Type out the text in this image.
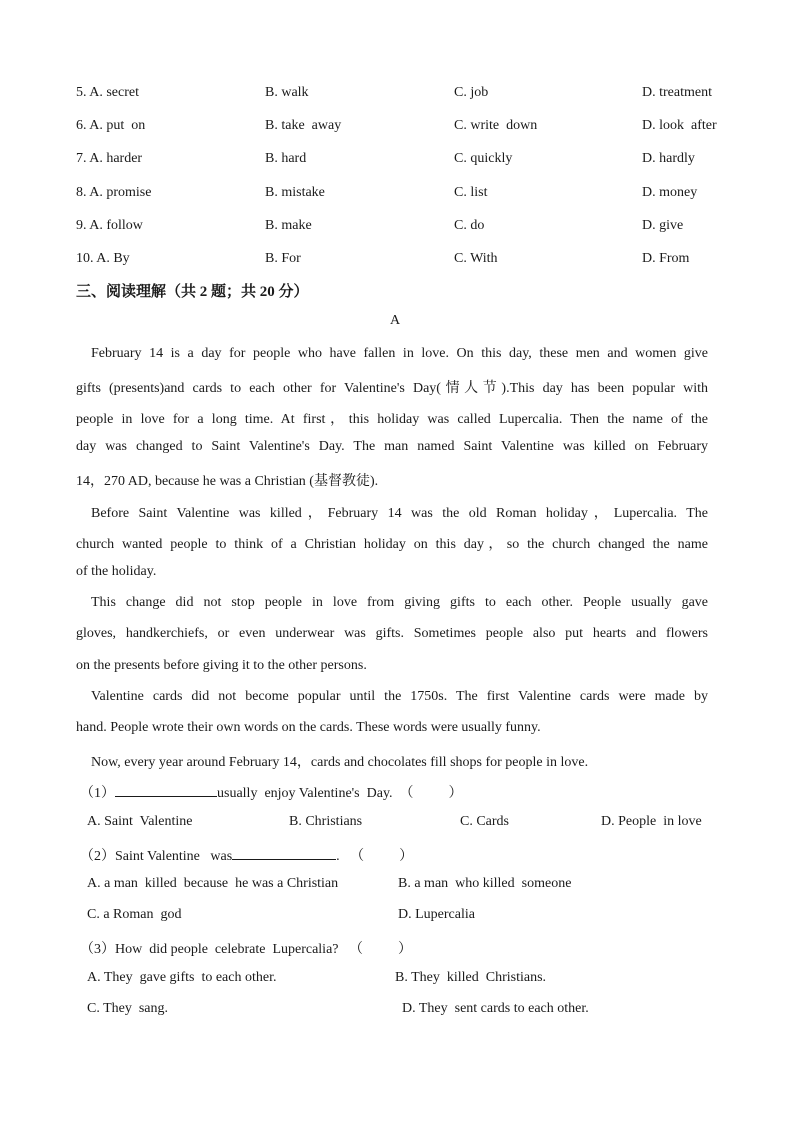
5. A. secret	B. walk	C. job	D. treatment
6. A. put  on	B. take  away	C. write  down	D. look  after
7. A. harder	B. hard	C. quickly	D. hardly
8. A. promise	B. mistake	C. list	D. money
9. A. follow	B. make	C. do	D. give
10. A. By	B. For	C. With	D. From
三、阅读理解（共 2 题；共 20 分）
A
February 14 is a day for people who have fallen in love. On this day, these men and women give
gifts (presents)and cards to each other for Valentine's Day(情人节).This day has been popular with
people in love for a long time. At first，this holiday was called Lupercalia. Then the name of the
day was changed to Saint Valentine's Day. The man named Saint Valentine was killed on February
14，270 AD, because he was a Christian (基督教徒).
Before Saint Valentine was killed，February 14 was the old Roman holiday，Lupercalia. The
church wanted people to think of a Christian holiday on this day，so the church changed the name
of the holiday.
This change did not stop people in love from giving gifts to each other. People usually gave
gloves, handkerchiefs, or even underwear was gifts. Sometimes people also put hearts and flowers
on the presents before giving it to the other persons.
Valentine cards did not become popular until the 1750s. The first Valentine cards were made by
hand. People wrote their own words on the cards. These words were usually funny.
Now, every year around February 14，cards and chocolates fill shops for people in love.
（1）	usually  enjoy Valentine's  Day.  （          ）
A. Saint  Valentine	B. Christians	C. Cards	D. People  in love
（2）Saint Valentine   was	.   （          ）
A. a man  killed  because  he was a Christian	B. a man  who killed  someone
C. a Roman  god	D. Lupercalia
（3）How  did people  celebrate  Lupercalia?   （          ）
A. They  gave gifts  to each other.	B. They  killed  Christians.
C. They  sang.	D. They  sent cards to each other.
